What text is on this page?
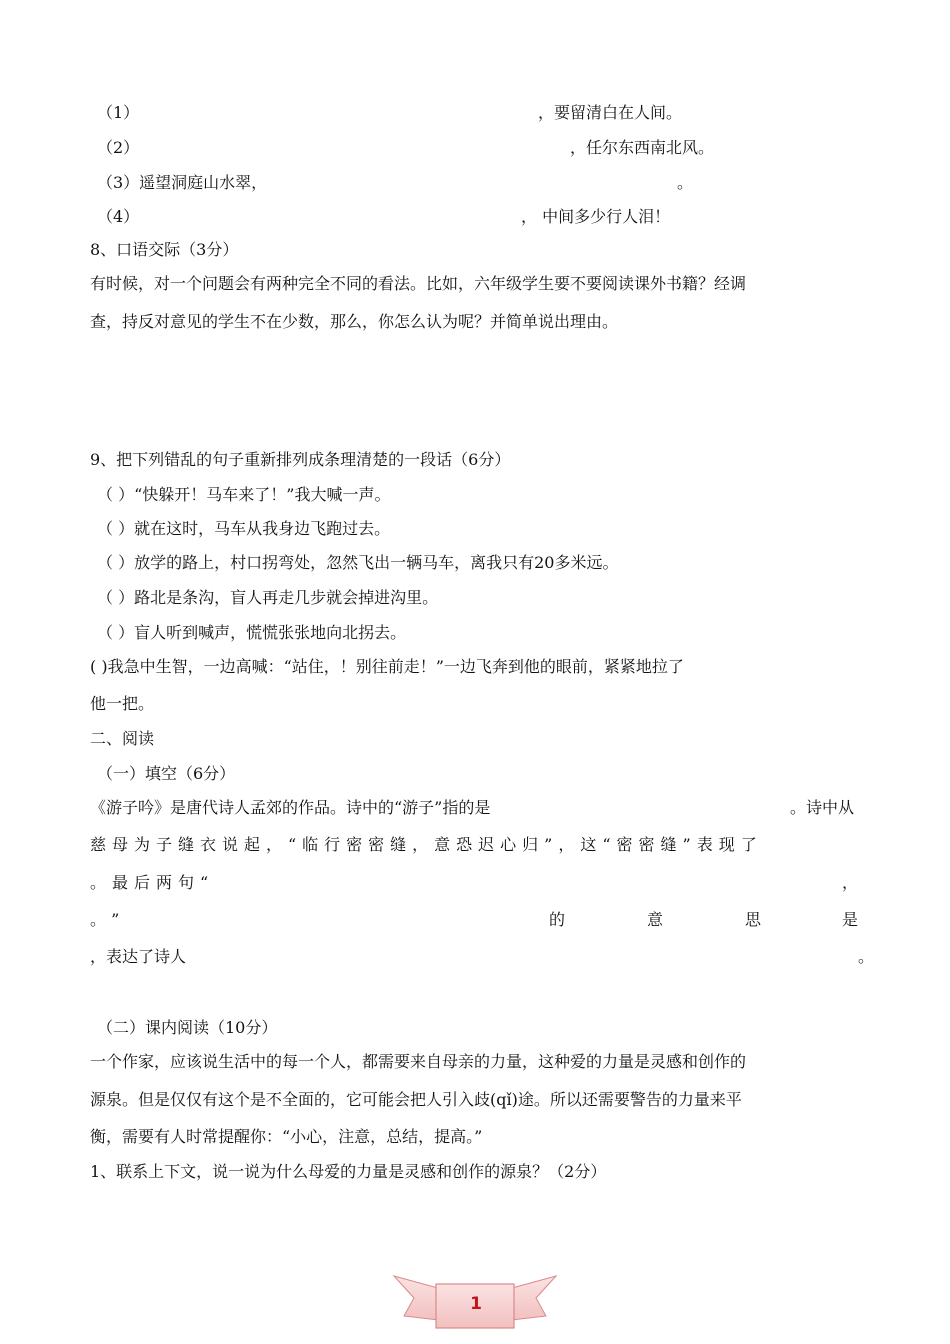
（1）	，要留清白在人间。
（2）	，任尔东西南北风。
（3）遥望洞庭山水翠，	。
（4）	， 中间多少行人泪！
8、口语交际（3分）
有时候，对一个问题会有两种完全不同的看法。比如，六年级学生要不要阅读课外书籍？经调
查，持反对意见的学生不在少数，那么，你怎么认为呢？并简单说出理由。
9、把下列错乱的句子重新排列成条理清楚的一段话（6分）
（ ）“快躲开！马车来了！”我大喊一声。
（ ）就在这时，马车从我身边飞跑过去。
（ ）放学的路上，村口拐弯处，忽然飞出一辆马车，离我只有20多米远。
（ ）路北是条沟，盲人再走几步就会掉进沟里。
（ ）盲人听到喊声，慌慌张张地向北拐去。
( )我急中生智，一边高喊：“站住，！别往前走！”一边飞奔到他的眼前，紧紧地拉了
他一把。
二、阅读
（一）填空（6分）
《游子吟》是唐代诗人孟郊的作品。诗中的“游子”指的是	。诗中从
慈母为子缝衣说起，“临行密密缝，意恐迟心归”，这“密密缝”表现了
。最后两句“	，
。 ”	的	意	思	是
，表达了诗人	。
（二）课内阅读（10分）
一个作家，应该说生活中的每一个人，都需要来自母亲的力量，这种爱的力量是灵感和创作的
源泉。但是仅仅有这个是不全面的，它可能会把人引入歧(qǐ)途。所以还需要警告的力量来平
衡，需要有人时常提醒你：“小心，注意，总结，提高。”
1、联系上下文，说一说为什么母爱的力量是灵感和创作的源泉？（2分）
1
